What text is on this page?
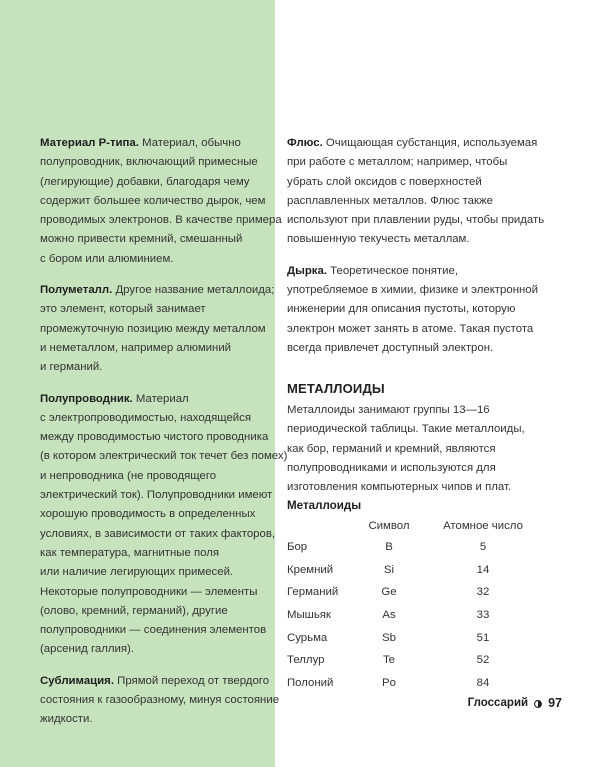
Материал P-типа. Материал, обычно
полупроводник, включающий примесные
(легирующие) добавки, благодаря чему
содержит большее количество дырок, чем
проводимых электронов. В качестве примера
можно привести кремний, смешанный
с бором или алюминием.
Полуметалл. Другое название металлоида;
это элемент, который занимает
промежуточную позицию между металлом
и неметаллом, например алюминий
и германий.
Полупроводник. Материал
с электропроводимостью, находящейся
между проводимостью чистого проводника
(в котором электрический ток течет без помех)
и непроводника (не проводящего
электрический ток). Полупроводники имеют
хорошую проводимость в определенных
условиях, в зависимости от таких факторов,
как температура, магнитные поля
или наличие легирующих примесей.
Некоторые полупроводники — элементы
(олово, кремний, германий), другие
полупроводники — соединения элементов
(арсенид галлия).
Сублимация. Прямой переход от твердого
состояния к газообразному, минуя состояние
жидкости.
Флюс. Очищающая субстанция, используемая
при работе с металлом; например, чтобы
убрать слой оксидов с поверхностей
расплавленных металлов. Флюс также
используют при плавлении руды, чтобы придать
повышенную текучесть металлам.
Дырка. Теоретическое понятие,
употребляемое в химии, физике и электронной
инженерии для описания пустоты, которую
электрон может занять в атоме. Такая пустота
всегда привлечет доступный электрон.
МЕТАЛЛОИДЫ
Металлоиды занимают группы 13—16
периодической таблицы. Такие металлоиды,
как бор, германий и кремний, являются
полупроводниками и используются для
изготовления компьютерных чипов и плат.
Металлоиды
	Символ	Атомное число
Бор	B	5
Кремний	Si	14
Германий	Ge	32
Мышьяк	As	33
Сурьма	Sb	51
Теллур	Te	52
Полоний	Po	84
Глоссарий 97
